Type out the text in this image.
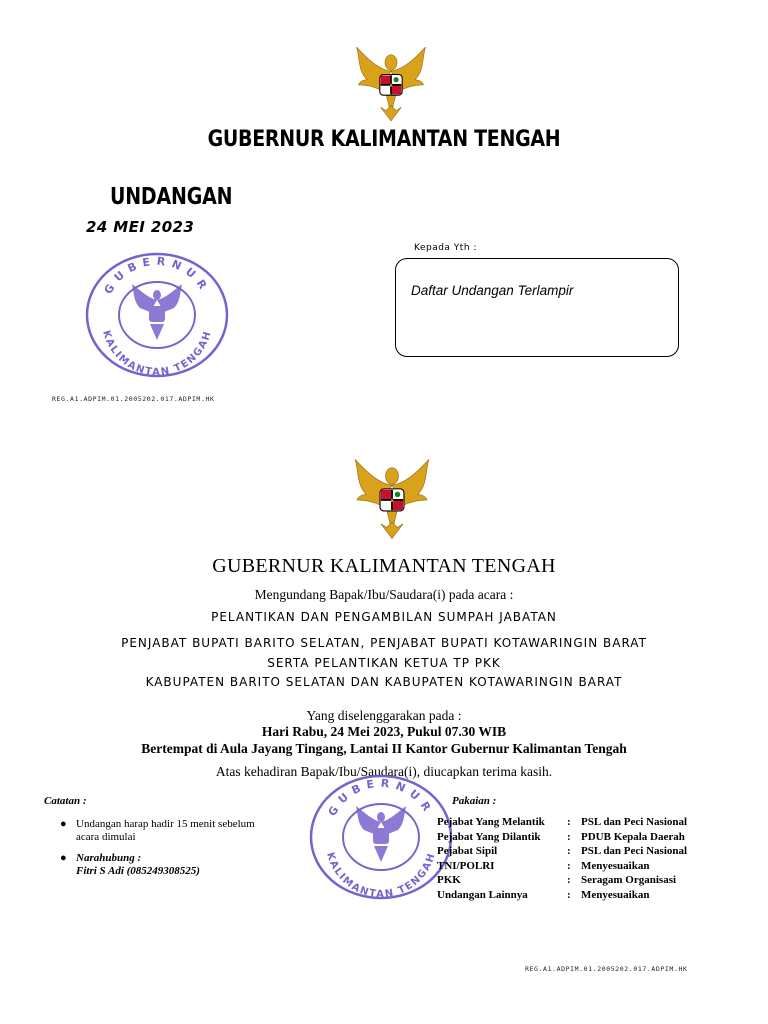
GUBERNUR KALIMANTAN TENGAH
UNDANGAN
24 MEI 2023
GUBERNUR
KALIMANTAN TENGAH
Kepada Yth :
Daftar Undangan Terlampir
REG.A1.ADPIM.01.2005202.017.ADPIM.HK
GUBERNUR KALIMANTAN TENGAH
Mengundang Bapak/Ibu/Saudara(i) pada acara :
PELANTIKAN DAN PENGAMBILAN SUMPAH JABATAN
PENJABAT BUPATI BARITO SELATAN, PENJABAT BUPATI KOTAWARINGIN BARAT
SERTA PELANTIKAN KETUA TP PKK
KABUPATEN BARITO SELATAN DAN KABUPATEN KOTAWARINGIN BARAT
Yang diselenggarakan pada :
Hari Rabu, 24 Mei 2023, Pukul 07.30 WIB
Bertempat di Aula Jayang Tingang, Lantai II Kantor Gubernur Kalimantan Tengah
Atas kehadiran Bapak/Ibu/Saudara(i), diucapkan terima kasih.
GUBERNUR
KALIMANTAN TENGAH
Catatan :
● Undangan harap hadir 15 menit sebelum acara dimulai
● Narahubung :
Fitri S Adi (085249308525)
Pakaian :
Pejabat Yang Melantik	: PSL dan Peci Nasional
Pejabat Yang Dilantik	: PDUB Kepala Daerah
Pejabat Sipil	: PSL dan Peci Nasional
TNI/POLRI	: Menyesuaikan
PKK	: Seragam Organisasi
Undangan Lainnya	: Menyesuaikan
REG.A1.ADPIM.01.2005202.017.ADPIM.HK
